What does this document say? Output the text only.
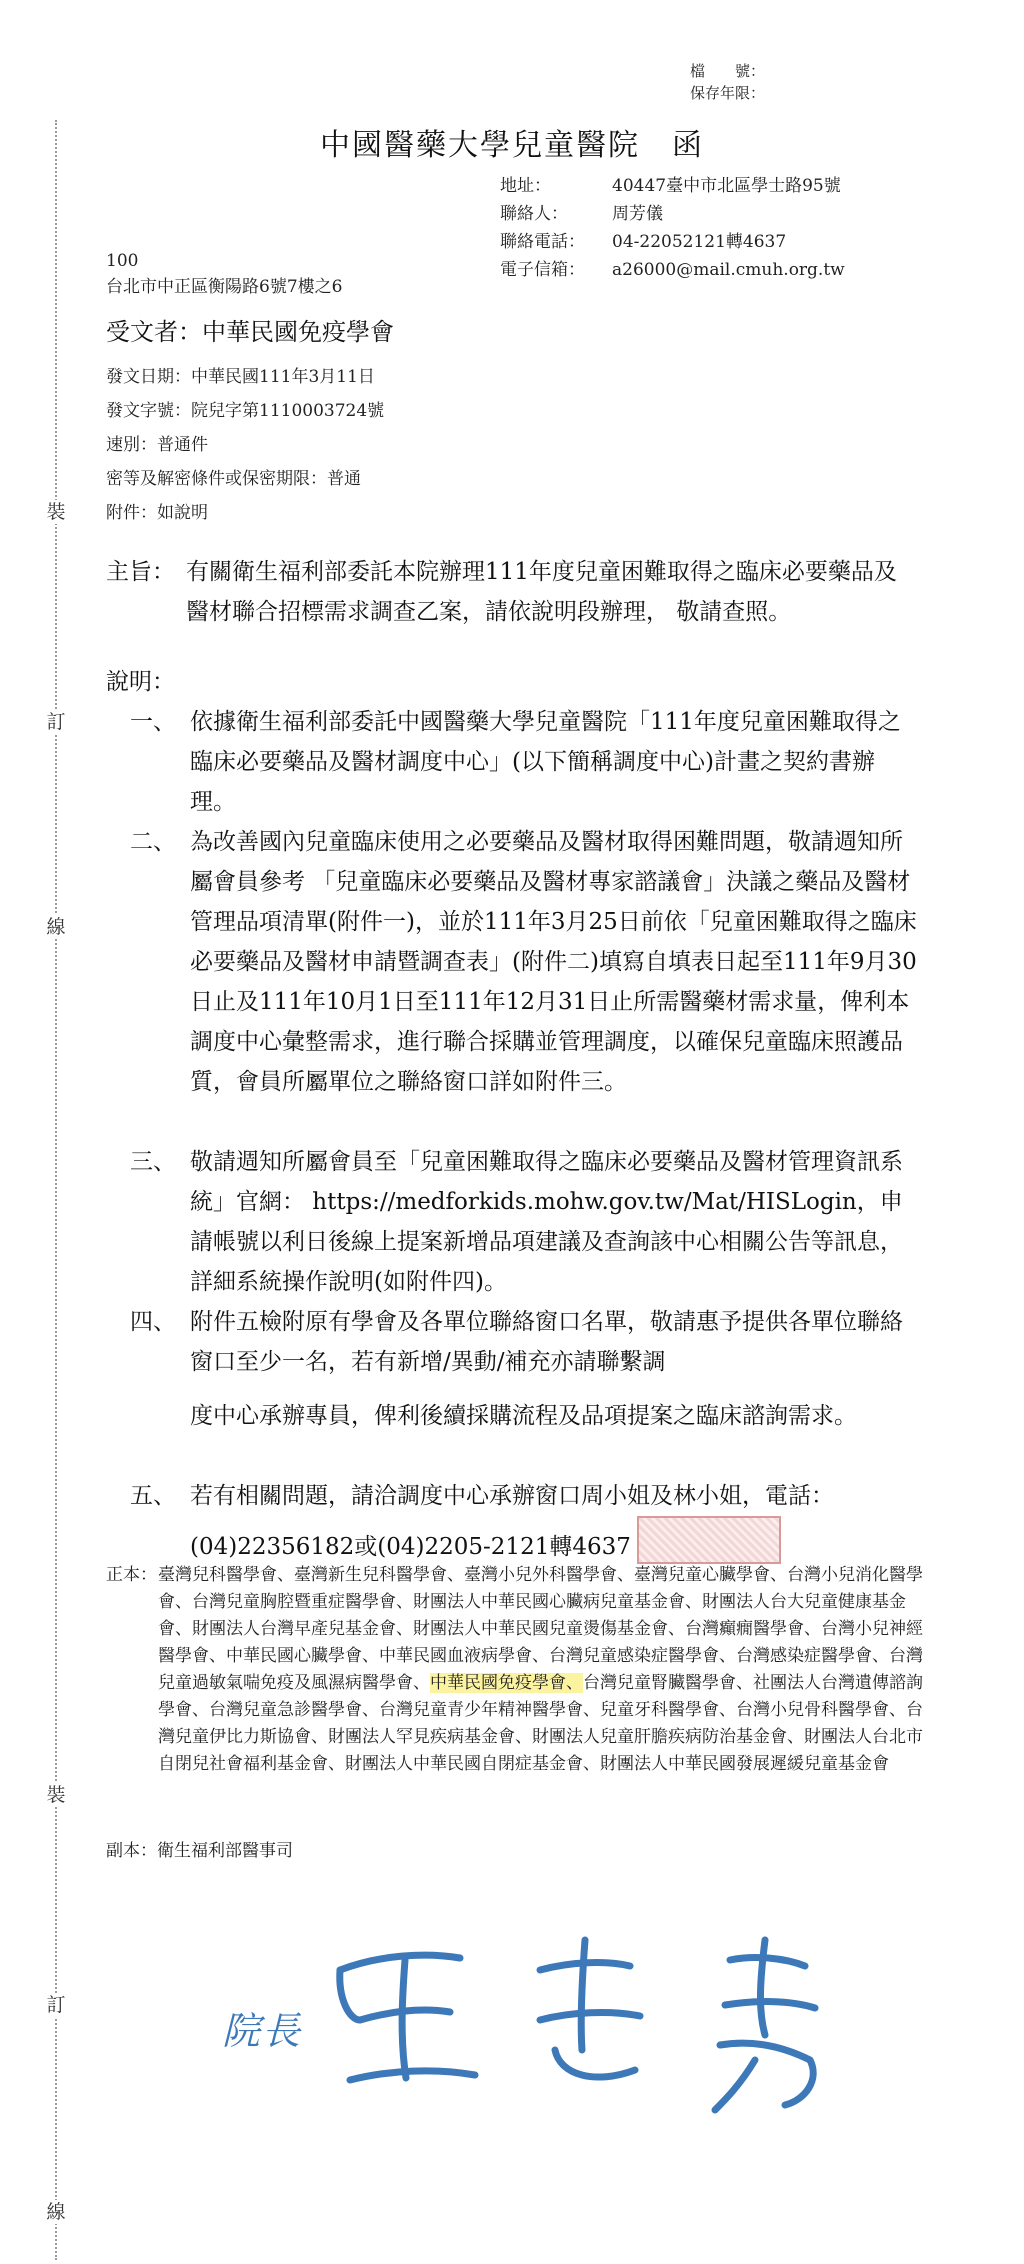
裝
訂
線
裝
訂
線
檔　　號：
保存年限：
中國醫藥大學兒童醫院　函
地址：	40447臺中市北區學士路95號
聯絡人：	周芳儀
聯絡電話： 04-22052121轉4637
電子信箱： a26000@mail.cmuh.org.tw
100
台北市中正區衡陽路6號7樓之6
受文者：中華民國免疫學會
發文日期：中華民國111年3月11日
發文字號：院兒字第1110003724號
速別：普通件
密等及解密條件或保密期限：普通
附件：如說明
主旨： 有關衛生福利部委託本院辦理111年度兒童困難取得之臨床必要藥品及醫材聯合招標需求調查乙案，請依說明段辦理， 敬請查照。
說明：
一、 依據衛生福利部委託中國醫藥大學兒童醫院「111年度兒童困難取得之臨床必要藥品及醫材調度中心」(以下簡稱調度中心)計畫之契約書辦理。
二、 為改善國內兒童臨床使用之必要藥品及醫材取得困難問題，敬請週知所屬會員參考 「兒童臨床必要藥品及醫材專家諮議會」決議之藥品及醫材管理品項清單(附件一)，並於111年3月25日前依「兒童困難取得之臨床必要藥品及醫材申請暨調查表」(附件二)填寫自填表日起至111年9月30日止及111年10月1日至111年12月31日止所需醫藥材需求量，俾利本調度中心彙整需求，進行聯合採購並管理調度，以確保兒童臨床照護品質，會員所屬單位之聯絡窗口詳如附件三。
三、 敬請週知所屬會員至「兒童困難取得之臨床必要藥品及醫材管理資訊系統」官網： https://medforkids.mohw.gov.tw/Mat/HISLogin，申請帳號以利日後線上提案新增品項建議及查詢該中心相關公告等訊息，詳細系統操作說明(如附件四)。
四、 附件五檢附原有學會及各單位聯絡窗口名單，敬請惠予提供各單位聯絡窗口至少一名，若有新增/異動/補充亦請聯繫調
度中心承辦專員，俾利後續採購流程及品項提案之臨床諮詢需求。
五、 若有相關問題，請洽調度中心承辦窗口周小姐及林小姐，電話：(04)22356182或(04)2205-2121轉4637
正本： 臺灣兒科醫學會、臺灣新生兒科醫學會、臺灣小兒外科醫學會、臺灣兒童心臟學會、台灣小兒消化醫學會、台灣兒童胸腔暨重症醫學會、財團法人中華民國心臟病兒童基金會、財團法人台大兒童健康基金會、財團法人台灣早產兒基金會、財團法人中華民國兒童燙傷基金會、台灣癲癇醫學會、台灣小兒神經醫學會、中華民國心臟學會、中華民國血液病學會、台灣兒童感染症醫學會、台灣感染症醫學會、台灣兒童過敏氣喘免疫及風濕病醫學會、中華民國免疫學會、台灣兒童腎臟醫學會、社團法人台灣遺傳諮詢學會、台灣兒童急診醫學會、台灣兒童青少年精神醫學會、兒童牙科醫學會、台灣小兒骨科醫學會、台灣兒童伊比力斯協會、財團法人罕見疾病基金會、財團法人兒童肝膽疾病防治基金會、財團法人台北市自閉兒社會福利基金會、財團法人中華民國自閉症基金會、財團法人中華民國發展遲緩兒童基金會
副本：衛生福利部醫事司
院長
